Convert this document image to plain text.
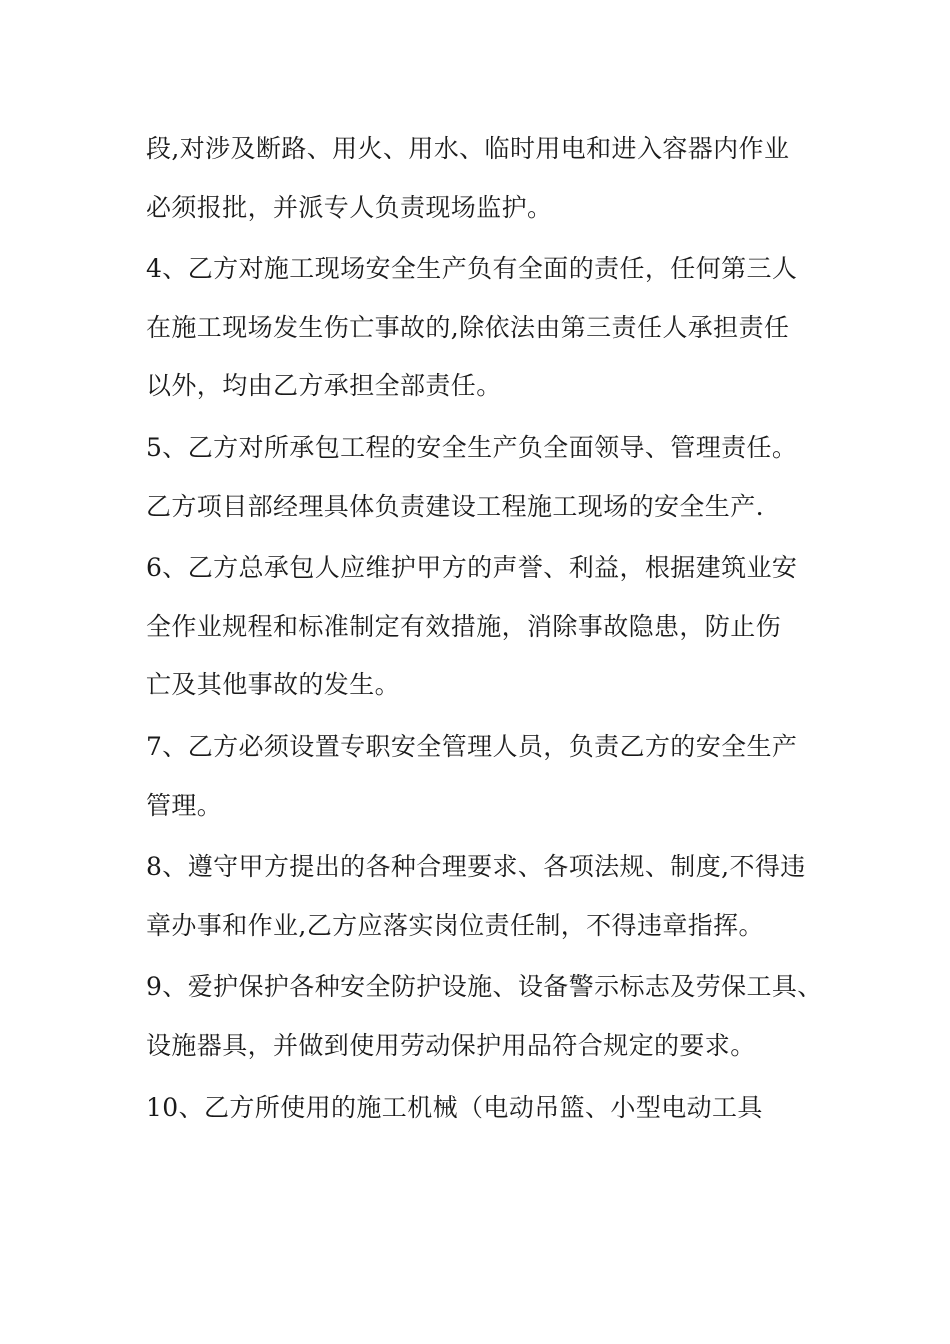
段,对涉及断路、用火、用水、临时用电和进入容器内作业
必须报批，并派专人负责现场监护。
4、乙方对施工现场安全生产负有全面的责任，任何第三人
在施工现场发生伤亡事故的,除依法由第三责任人承担责任
以外，均由乙方承担全部责任。
5、乙方对所承包工程的安全生产负全面领导、管理责任。
乙方项目部经理具体负责建设工程施工现场的安全生产.
6、乙方总承包人应维护甲方的声誉、利益，根据建筑业安
全作业规程和标准制定有效措施，消除事故隐患，防止伤
亡及其他事故的发生。
7、乙方必须设置专职安全管理人员，负责乙方的安全生产
管理。
8、遵守甲方提出的各种合理要求、各项法规、制度,不得违
章办事和作业,乙方应落实岗位责任制，不得违章指挥。
9、爱护保护各种安全防护设施、设备警示标志及劳保工具、
设施器具，并做到使用劳动保护用品符合规定的要求。
10、乙方所使用的施工机械（电动吊篮、小型电动工具
